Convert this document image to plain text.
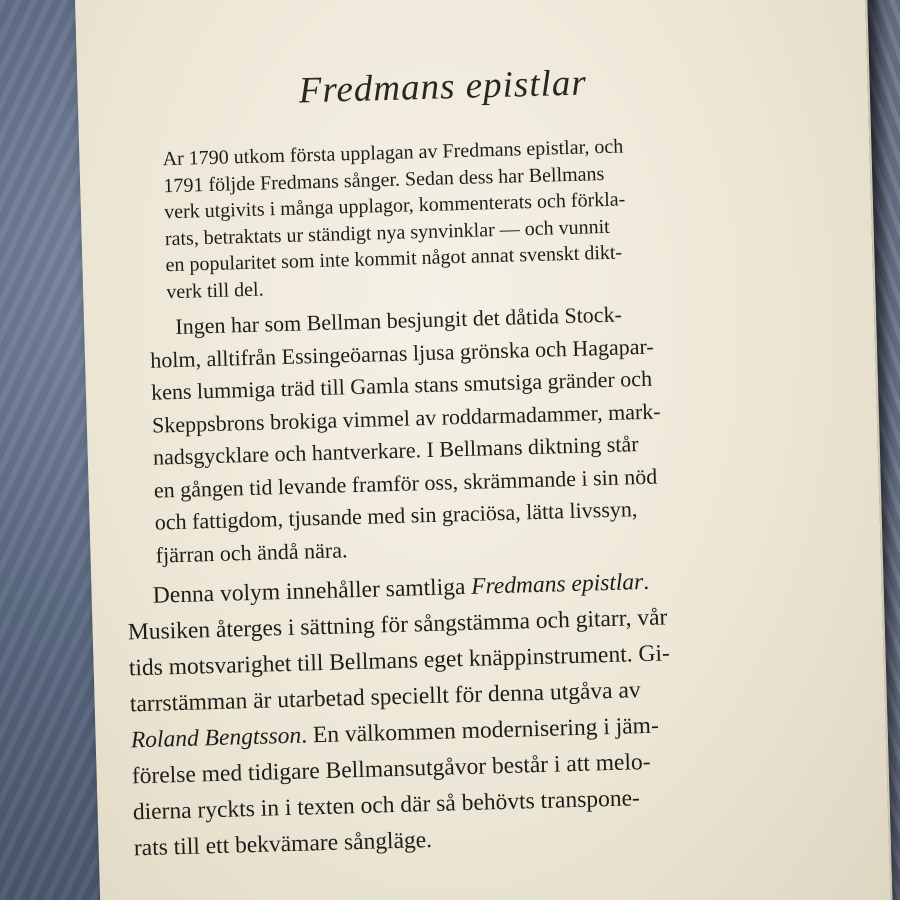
Fredmans epistlar

Ar 1790 utkom första upplagan av Fredmans epistlar, och
1791 följde Fredmans sånger. Sedan dess har Bellmans
verk utgivits i många upplagor, kommenterats och förkla-
rats, betraktats ur ständigt nya synvinklar — och vunnit
en popularitet som inte kommit något annat svenskt dikt-
verk till del.

Ingen har som Bellman besjungit det dåtida Stock-
holm, alltifrån Essingeöarnas ljusa grönska och Hagapar-
kens lummiga träd till Gamla stans smutsiga gränder och
Skeppsbrons brokiga vimmel av roddarmadammer, mark-
nadsgycklare och hantverkare. I Bellmans diktning står
en gången tid levande framför oss, skrämmande i sin nöd
och fattigdom, tjusande med sin graciösa, lätta livssyn,
fjärran och ändå nära.

Denna volym innehåller samtliga Fredmans epistlar.
Musiken återges i sättning för sångstämma och gitarr, vår
tids motsvarighet till Bellmans eget knäppinstrument. Gi-
tarrstämman är utarbetad speciellt för denna utgåva av
Roland Bengtsson. En välkommen modernisering i jäm-
förelse med tidigare Bellmansutgåvor består i att melo-
dierna ryckts in i texten och där så behövts transpone-
rats till ett bekvämare sångläge.
